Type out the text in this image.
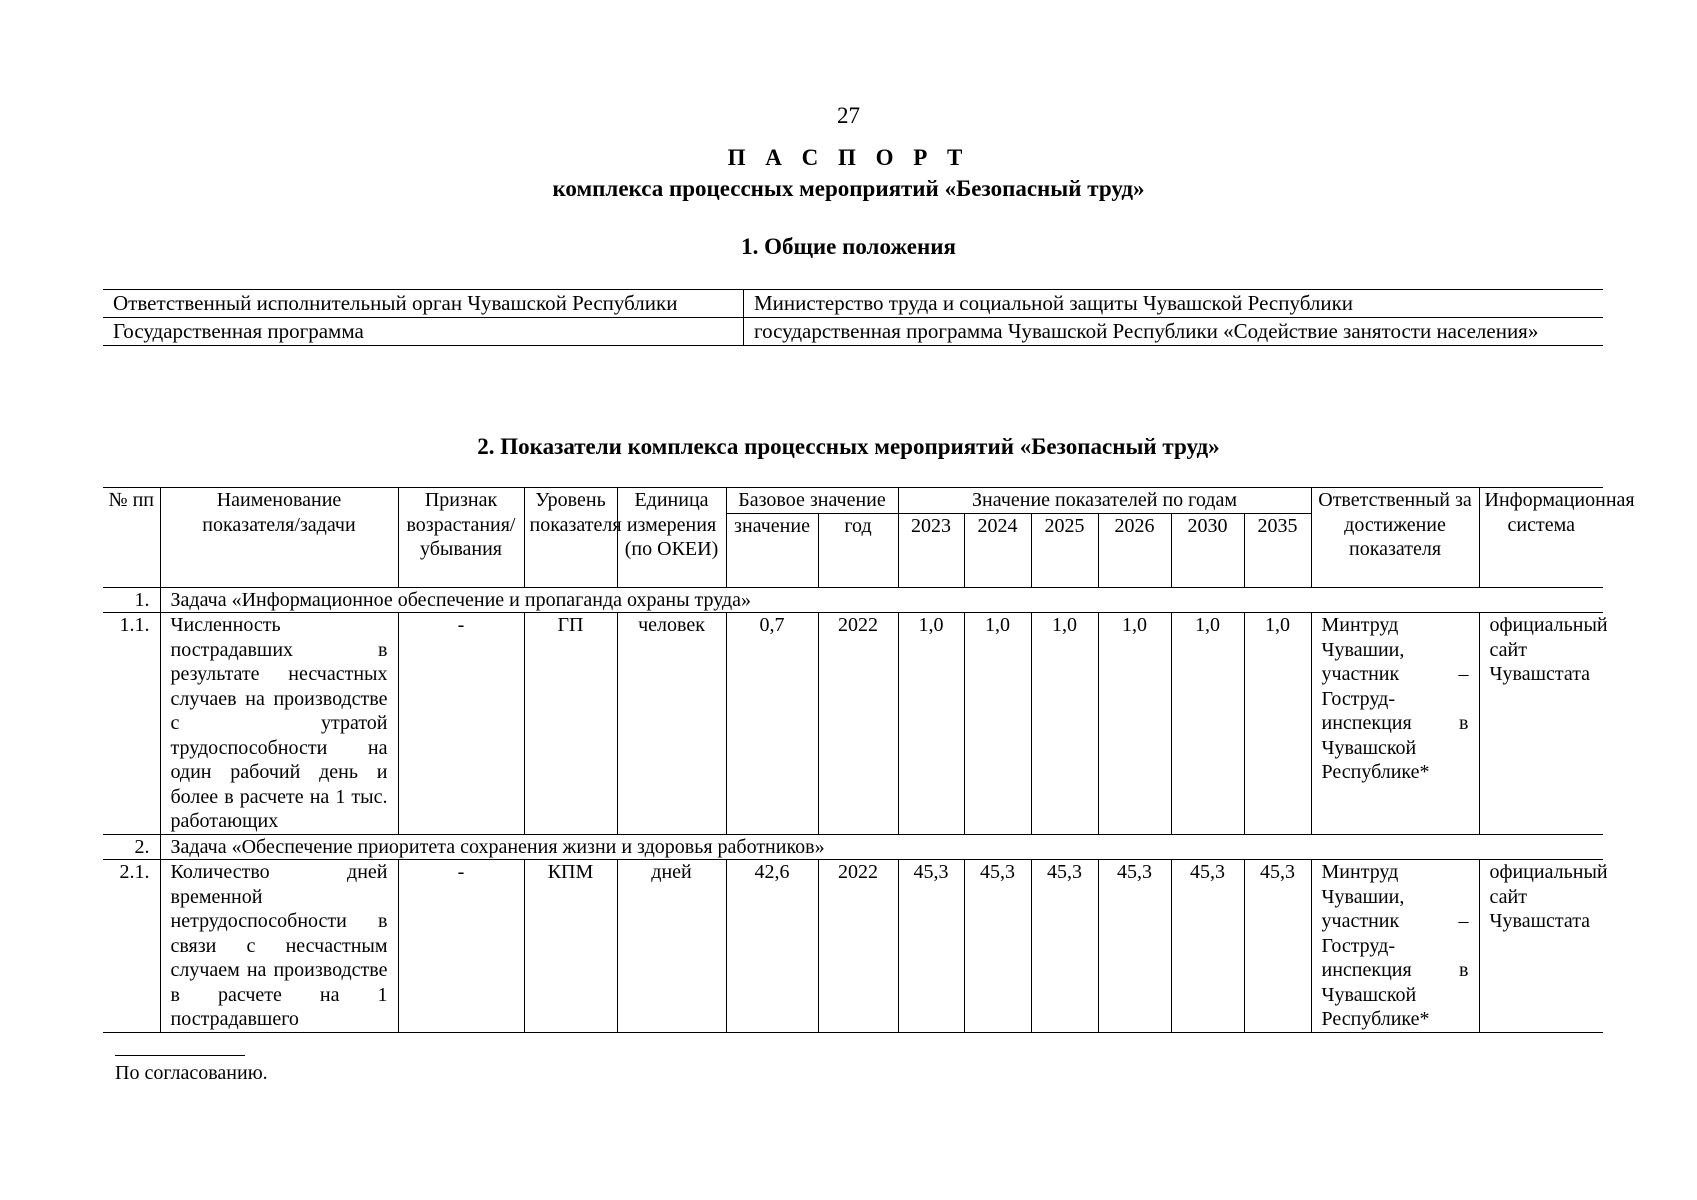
27
П А С П О Р Т
комплекса процессных мероприятий «Безопасный труд»
1. Общие положения
Ответственный исполнительный орган Чувашской Республики	Министерство труда и социальной защиты Чувашской Республики
Государственная программа	государственная программа Чувашской Республики «Содействие занятости населения»
2. Показатели комплекса процессных мероприятий «Безопасный труд»
№ пп	Наименование показателя/задачи	Признак возрастания/ убывания	Уровень показателя	Единица измерения (по ОКЕИ)	Базовое значение		Значение показателей по годам						Ответственный за достижение показателя	Информационная система
					значение	год	2023	2024	2025	2026	2030	2035		
1.	Задача «Информационное обеспечение и пропаганда охраны труда»													
1.1.	Численность пострадавших в результате несчастных случаев на производстве с утратой трудоспособности на один рабочий день и более в расчете на 1 тыс. работающих	-	ГП	человек	0,7	2022	1,0	1,0	1,0	1,0	1,0	1,0	Минтруд Чувашии, участник – Гоструд-инспекция в Чувашской Республике*	официальный сайт Чувашстата
2.	Задача «Обеспечение приоритета сохранения жизни и здоровья работников»													
2.1.	Количество дней временной нетрудоспособности в связи с несчастным случаем на производстве в расчете на 1 пострадавшего	-	КПМ	дней	42,6	2022	45,3	45,3	45,3	45,3	45,3	45,3	Минтруд Чувашии, участник – Гоструд-инспекция в Чувашской Республике*	официальный сайт Чувашстата
По согласованию.
